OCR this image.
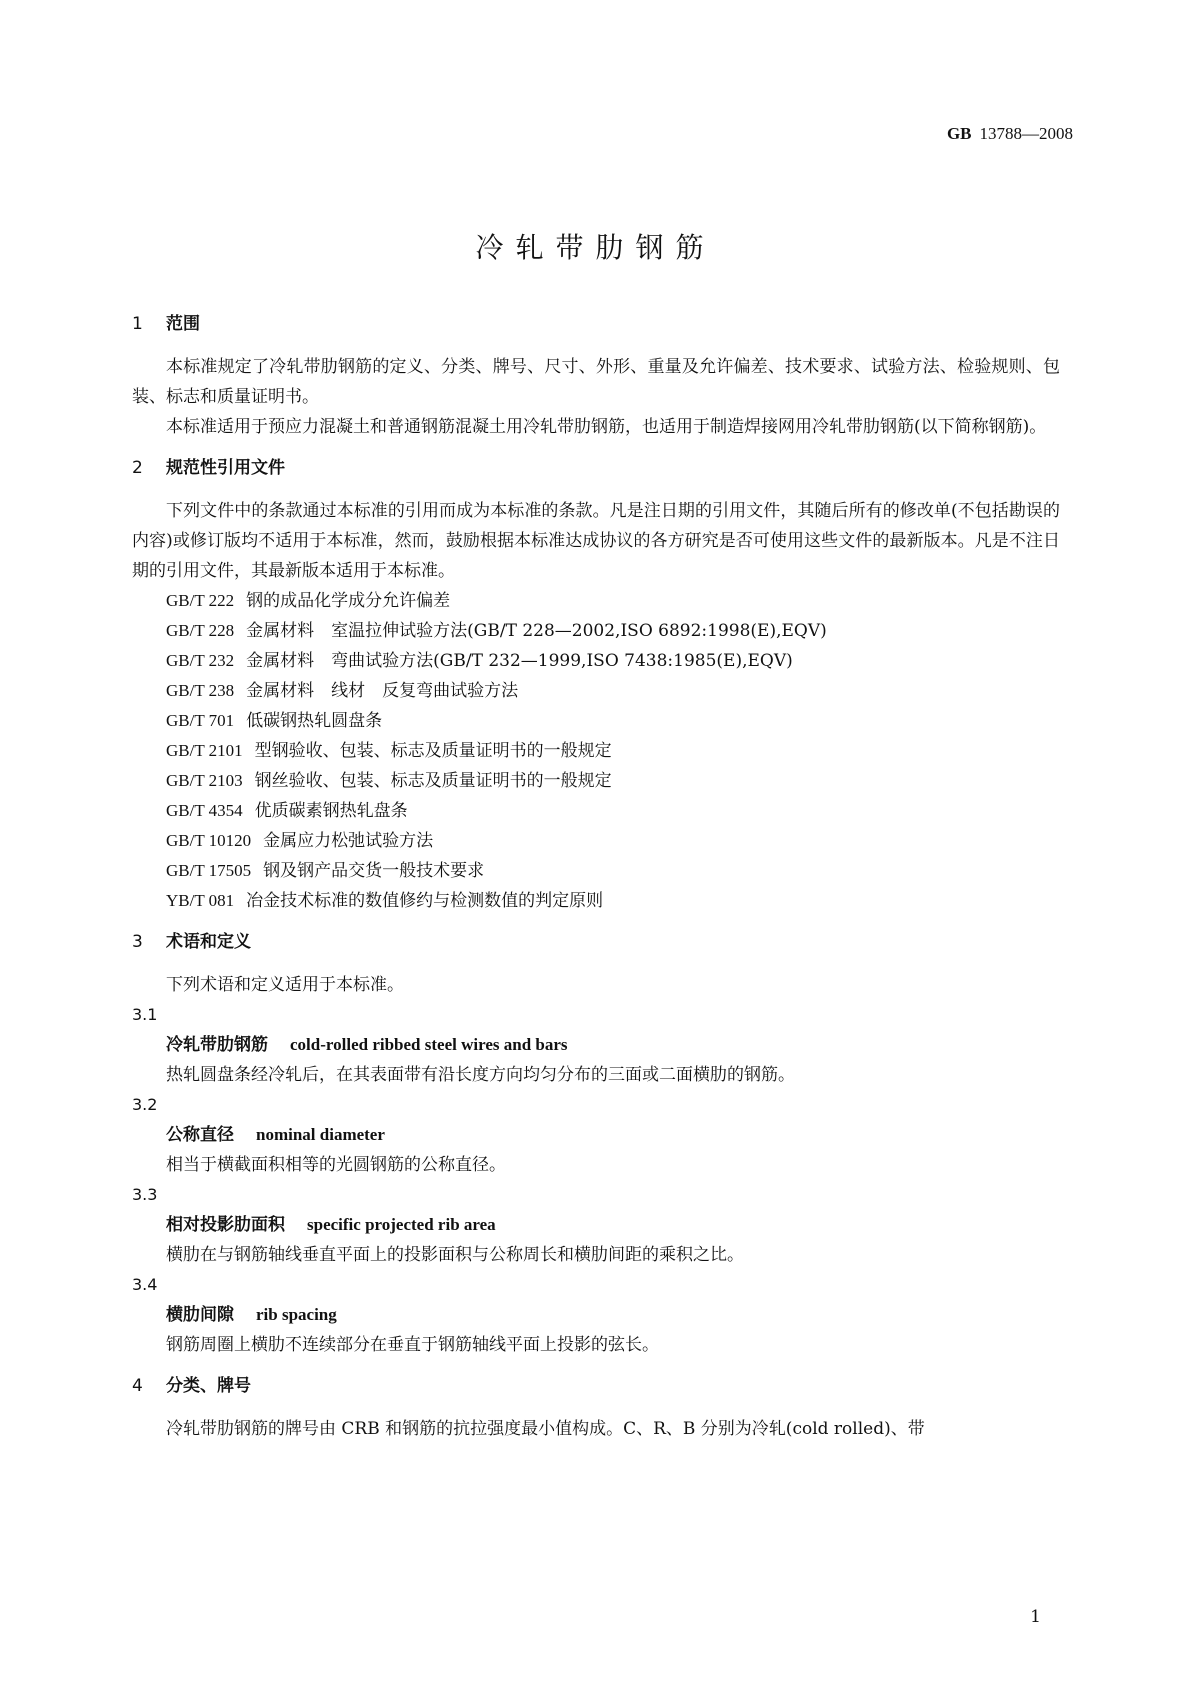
GB 13788—2008
冷轧带肋钢筋
1 范围

本标准规定了冷轧带肋钢筋的定义、分类、牌号、尺寸、外形、重量及允许偏差、技术要求、试验方法、检验规则、包装、标志和质量证明书。

本标准适用于预应力混凝土和普通钢筋混凝土用冷轧带肋钢筋，也适用于制造焊接网用冷轧带肋钢筋(以下简称钢筋)。

2 规范性引用文件

下列文件中的条款通过本标准的引用而成为本标准的条款。凡是注日期的引用文件，其随后所有的修改单(不包括勘误的内容)或修订版均不适用于本标准，然而，鼓励根据本标准达成协议的各方研究是否可使用这些文件的最新版本。凡是不注日期的引用文件，其最新版本适用于本标准。

GB/T 222 钢的成品化学成分允许偏差
GB/T 228 金属材料　室温拉伸试验方法(GB/T 228—2002,ISO 6892:1998(E),EQV)
GB/T 232 金属材料　弯曲试验方法(GB/T 232—1999,ISO 7438:1985(E),EQV)
GB/T 238 金属材料　线材　反复弯曲试验方法
GB/T 701 低碳钢热轧圆盘条
GB/T 2101 型钢验收、包装、标志及质量证明书的一般规定
GB/T 2103 钢丝验收、包装、标志及质量证明书的一般规定
GB/T 4354 优质碳素钢热轧盘条
GB/T 10120 金属应力松弛试验方法
GB/T 17505 钢及钢产品交货一般技术要求
YB/T 081 冶金技术标准的数值修约与检测数值的判定原则
3 术语和定义

下列术语和定义适用于本标准。

3.1

冷轧带肋钢筋 cold-rolled ribbed steel wires and bars

热轧圆盘条经冷轧后，在其表面带有沿长度方向均匀分布的三面或二面横肋的钢筋。

3.2

公称直径 nominal diameter

相当于横截面积相等的光圆钢筋的公称直径。

3.3

相对投影肋面积 specific projected rib area

横肋在与钢筋轴线垂直平面上的投影面积与公称周长和横肋间距的乘积之比。

3.4

横肋间隙 rib spacing

钢筋周圈上横肋不连续部分在垂直于钢筋轴线平面上投影的弦长。

4 分类、牌号

冷轧带肋钢筋的牌号由 CRB 和钢筋的抗拉强度最小值构成。C、R、B 分别为冷轧(cold rolled)、带

1
